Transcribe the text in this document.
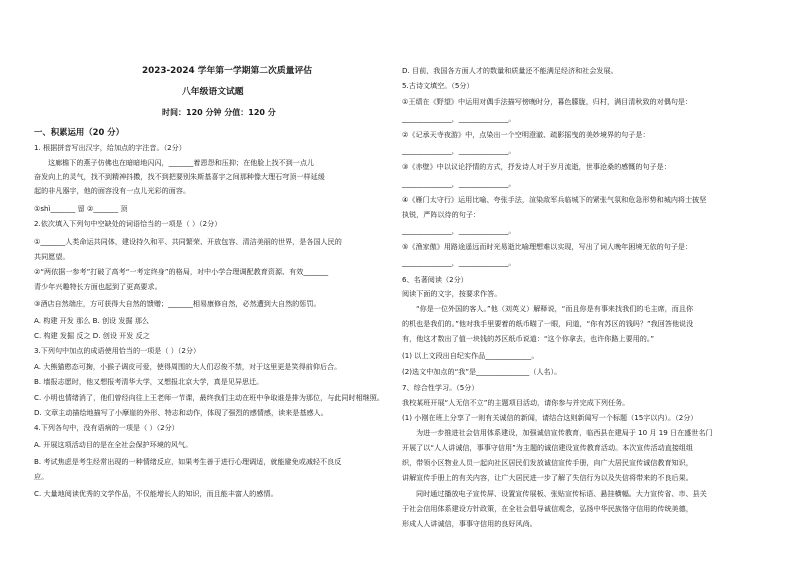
2023-2024 学年第一学期第二次质量评估
八年级语文试题
时间：120 分钟 分值：120 分
一、积累运用（20 分）
1. 根据拼音写出汉字，给加点的字注音。（2分）
这廊檐下的燕子仿佛也在暗暗地闪闪，_______着恩怨和压抑；在他脸上找不到一点儿
奋发向上的灵气，找不到精神抖擞，找不到把要别朱斯基喜宇之间那种像大理石穹顶一样延缓
起的非凡器宇，他的面容没有一点儿光彩的面容。
①shì_______ 留 ②_______ 顶
2.依次填入下列句中空缺处的词语恰当的一项是（ ）（2分）
①_______人类命运共同体，建设持久和平、共同繁荣、开放包容、清洁美丽的世界，是各国人民的
共同愿望。
②“两依据一参考”打破了高考“一考定终身”的格局，对中小学合理调配教育资源、有效_______
青少年兴趣特长方面也起到了更高要求。
③酒店自然端庄，方可获得大自然的馈赠；_______相易康修自然，必然遭到大自然的惩罚。
A. 构建 开发 那么 B. 创设 发掘 那么
C. 构建 发掘 反之 D. 创设 开发 反之
3.下列句中加点的成语使用恰当的一项是（ ）（2分）
A. 大熊猫憨态可掬，小猴子调皮可爱，使得周围的大人们忍俊不禁，对于这里更是笑得前仰后合。
B. 墙报志愿时，他又想报考清华大学，又想报北京大学，真是见异思迁。
C. 小明也情绪消了，他们曾经向往上王老师一节课，最终我们主动在班中争取谁是排为那位，与此同时相继照。
D. 文章主动描绘地描写了小摩崖的外形、特志和动作，体现了强烈的感情感，读来是基感人。
4.下列各句中，没有语病的一项是（ ）（2分）
A. 开展这项活动目的是在全社会保护环境的风气。
B. 考试焦虑是考生经常出现的一种情绪反应，如果考生善于进行心理调适，就能避免或减轻不良反
应。
C. 大量地阅读优秀的文学作品，不仅能增长人的知识，而且能丰富人的感情。
D. 目前，我国各方面人才的数量和质量还不能满足经济和社会发展。
5.古诗文填空。（5分）
①王绩在《野望》中运用对偶手法描写傍晚时分，暮色朦胧，归村，满目清秋致的对偶句是：
______________，______________。
②《记承天寺夜游》中，点染出一个空明澄澈、疏影摇曳的美妙境界的句子是：
______________，______________。
③《赤壁》中以议论抒情的方式，抒发诗人对于岁月流逝，世事沧桑的感慨的句子是：
______________，______________。
④《雁门太守行》运用比喻、夸张手法，渲染敌军兵临城下的紧张气氛和危急形势和城内将士披坚
执锐，严阵以待的句子：
______________，______________。
⑤《渔家傲》用路途遥远而时光易逝比喻理想难以实现，写出了词人晚年困境无依的句子是：
______________，______________。
6、名著阅读（2分）
阅读下面的文字，按要求作答。
“你是一位外国的客人。”他（刘英义）解释说，“而且你是有事来找我们的毛主席，而且你
的机也是我们的。”他对我手里要着的纸币瞄了一眼，问道，“你有苏区的钱吗？”我回答他说没
有，他这才数出了值一块钱的苏区纸币说道：“这个你拿去，也许你路上要用的。”
(1) 以上文段出自纪实作品_____________。
(2)选文中加点的“我”是_______________（人名）。
7、综合性学习。（5分）
我校某班开展“人无信不立”的主题项目活动，请你参与并完成下列任务。
(1) 小刚在班上分享了一则有关诚信的新闻，请结合这则新闻写一个标题（15字以内）。（2分）
为进一步推进社会信用体系建设，加强诚信宣传教育，临西县在建局于 10 月 19 日在盛世名门
开展了以“人人讲诚信，事事守信用”为主题的诚信建设宣传教育活动。本次宣传活动直接组组
织，带领小区物业人员一起向社区居民们发放诚信宣传手册，向广大居民宣传诚信教育知识，
讲解宣传手册上的有关内容，让广大居民进一步了解了失信行为以及失信将带来的不良后果。
同时通过播放电子宣传屏、设置宣传展板、张贴宣传标语、悬挂横幅。大力宣传省、市、县关
于社会信用体系建设方针政策，在全社会倡导诚信观念，弘扬中华民族恪守信用的传统美德，
形成人人讲诚信，事事守信用的良好风尚。
